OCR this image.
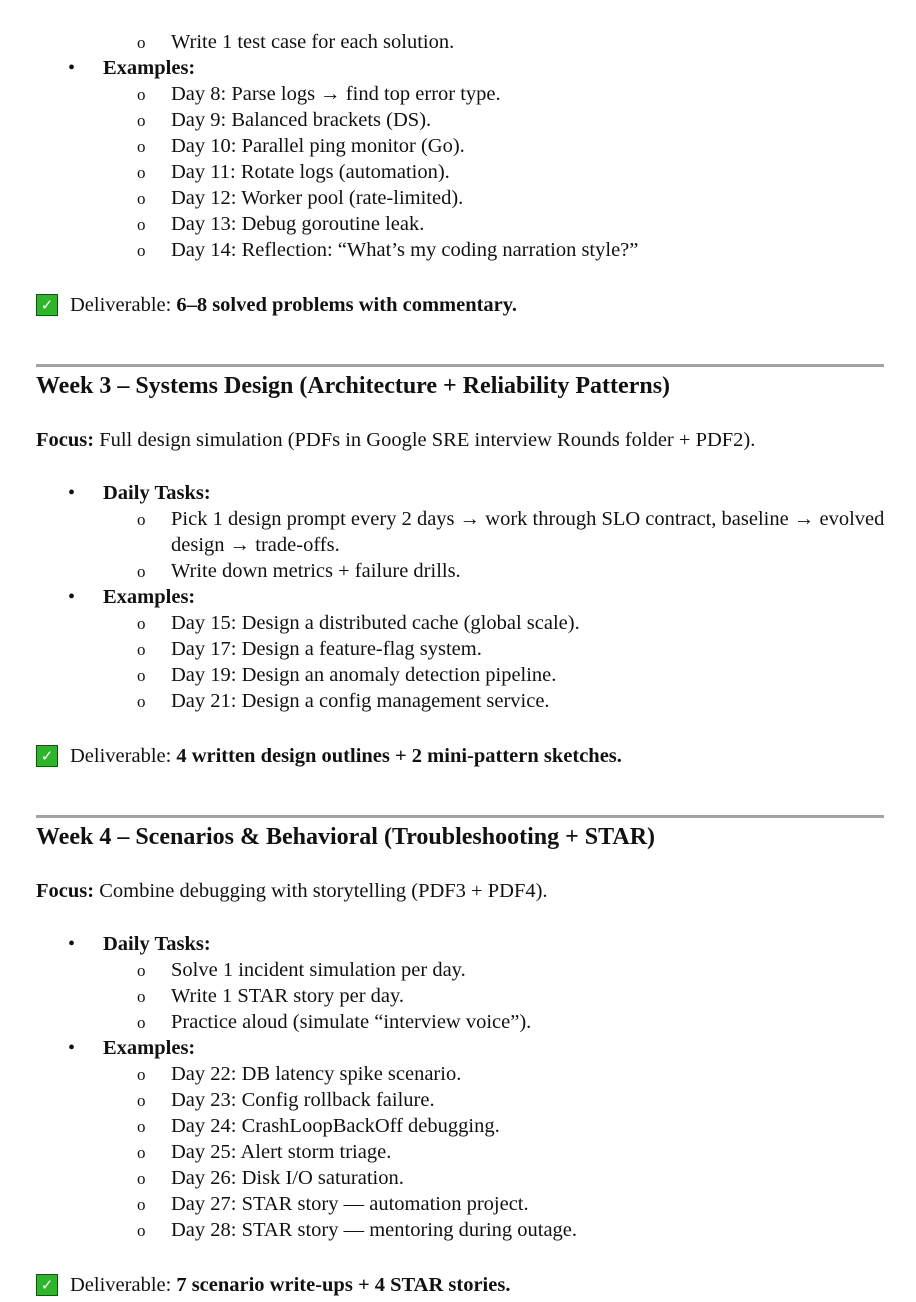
o Write 1 test case for each solution.
• Examples:
o Day 8: Parse logs → find top error type.
o Day 9: Balanced brackets (DS).
o Day 10: Parallel ping monitor (Go).
o Day 11: Rotate logs (automation).
o Day 12: Worker pool (rate-limited).
o Day 13: Debug goroutine leak.
o Day 14: Reflection: “What’s my coding narration style?”
✓ Deliverable: 6–8 solved problems with commentary.
Week 3 – Systems Design (Architecture + Reliability Patterns)
Focus: Full design simulation (PDFs in Google SRE interview Rounds folder + PDF2).
• Daily Tasks:
o Pick 1 design prompt every 2 days → work through SLO contract, baseline → evolved design → trade-offs.
o Write down metrics + failure drills.
• Examples:
o Day 15: Design a distributed cache (global scale).
o Day 17: Design a feature-flag system.
o Day 19: Design an anomaly detection pipeline.
o Day 21: Design a config management service.
✓ Deliverable: 4 written design outlines + 2 mini-pattern sketches.
Week 4 – Scenarios & Behavioral (Troubleshooting + STAR)
Focus: Combine debugging with storytelling (PDF3 + PDF4).
• Daily Tasks:
o Solve 1 incident simulation per day.
o Write 1 STAR story per day.
o Practice aloud (simulate “interview voice”).
• Examples:
o Day 22: DB latency spike scenario.
o Day 23: Config rollback failure.
o Day 24: CrashLoopBackOff debugging.
o Day 25: Alert storm triage.
o Day 26: Disk I/O saturation.
o Day 27: STAR story — automation project.
o Day 28: STAR story — mentoring during outage.
✓ Deliverable: 7 scenario write-ups + 4 STAR stories.
